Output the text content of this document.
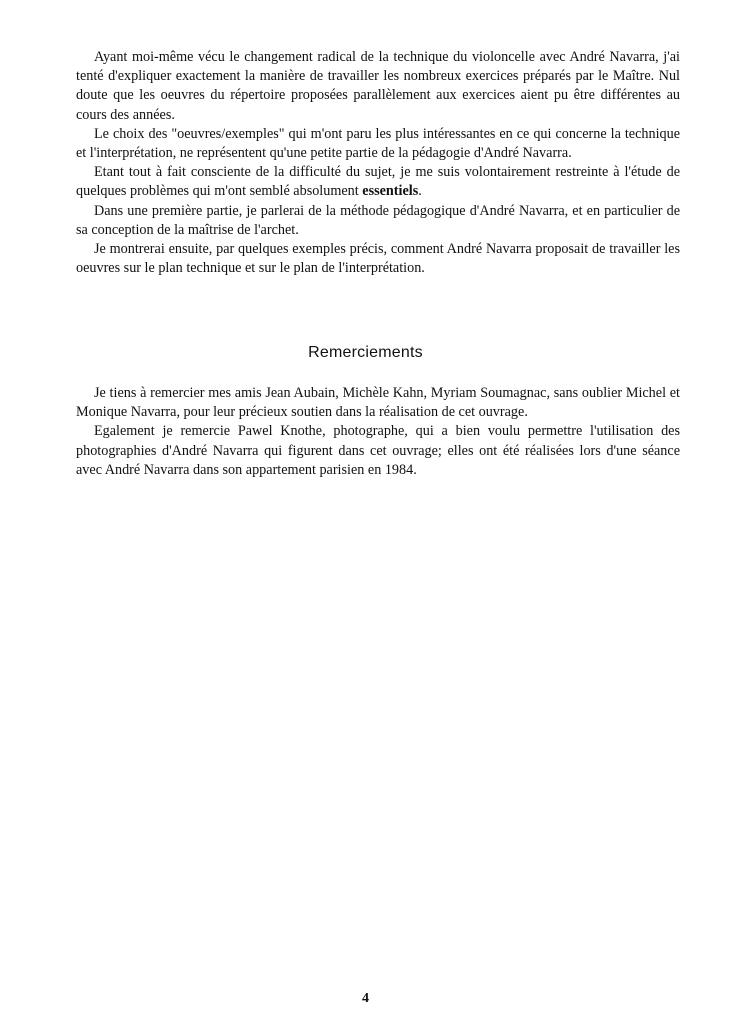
Ayant moi-même vécu le changement radical de la technique du violoncelle avec André Navarra, j'ai tenté d'expliquer exactement la manière de travailler les nombreux exercices préparés par le Maître. Nul doute que les oeuvres du répertoire proposées parallèlement aux exercices aient pu être différentes au cours des années.

Le choix des "oeuvres/exemples" qui m'ont paru les plus intéressantes en ce qui concerne la technique et l'interprétation, ne représentent qu'une petite partie de la pédagogie d'André Navarra.

Etant tout à fait consciente de la difficulté du sujet, je me suis volontairement restreinte à l'étude de quelques problèmes qui m'ont semblé absolument essentiels.

Dans une première partie, je parlerai de la méthode pédagogique d'André Navarra, et en particulier de sa conception de la maîtrise de l'archet.

Je montrerai ensuite, par quelques exemples précis, comment André Navarra proposait de travailler les oeuvres sur le plan technique et sur le plan de l'interprétation.

Remerciements

Je tiens à remercier mes amis Jean Aubain, Michèle Kahn, Myriam Soumagnac, sans oublier Michel et Monique Navarra, pour leur précieux soutien dans la réalisation de cet ouvrage.

Egalement je remercie Pawel Knothe, photographe, qui a bien voulu permettre l'utilisation des photographies d'André Navarra qui figurent dans cet ouvrage; elles ont été réalisées lors d'une séance avec André Navarra dans son appartement parisien en 1984.

4
